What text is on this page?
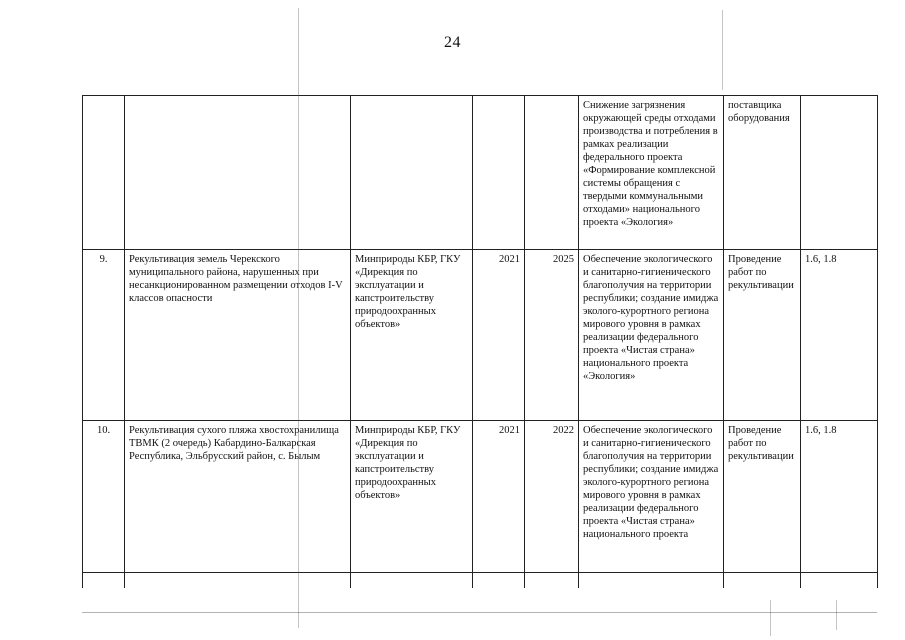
24
					Снижение загрязнения окружающей среды отходами производства и потребления в рамках реализации федерального проекта «Формирование комплексной системы обращения с твердыми коммунальными отходами» национального проекта «Экология»	поставщика оборудования	
9.	Рекультивация земель Черекского муниципального района, нарушенных при несанкционированном размещении отходов I-V классов опасности	Минприроды КБР, ГКУ «Дирекция по эксплуатации и капстроительству природоохранных объектов»	2021	2025	Обеспечение экологического и санитарно-гигиенического благополучия на территории республики; создание имиджа эколого-курортного региона мирового уровня в рамках реализации федерального проекта «Чистая страна» национального проекта «Экология»	Проведение работ по рекультивации	1.6, 1.8
10.	Рекультивация сухого пляжа хвостохранилища ТВМК (2 очередь) Кабардино-Балкарская Республика, Эльбрусский район, с. Былым	Минприроды КБР, ГКУ «Дирекция по эксплуатации и капстроительству природоохранных объектов»	2021	2022	Обеспечение экологического и санитарно-гигиенического благополучия на территории республики; создание имиджа эколого-курортного региона мирового уровня в рамках реализации федерального проекта «Чистая страна» национального проекта	Проведение работ по рекультивации	1.6, 1.8
